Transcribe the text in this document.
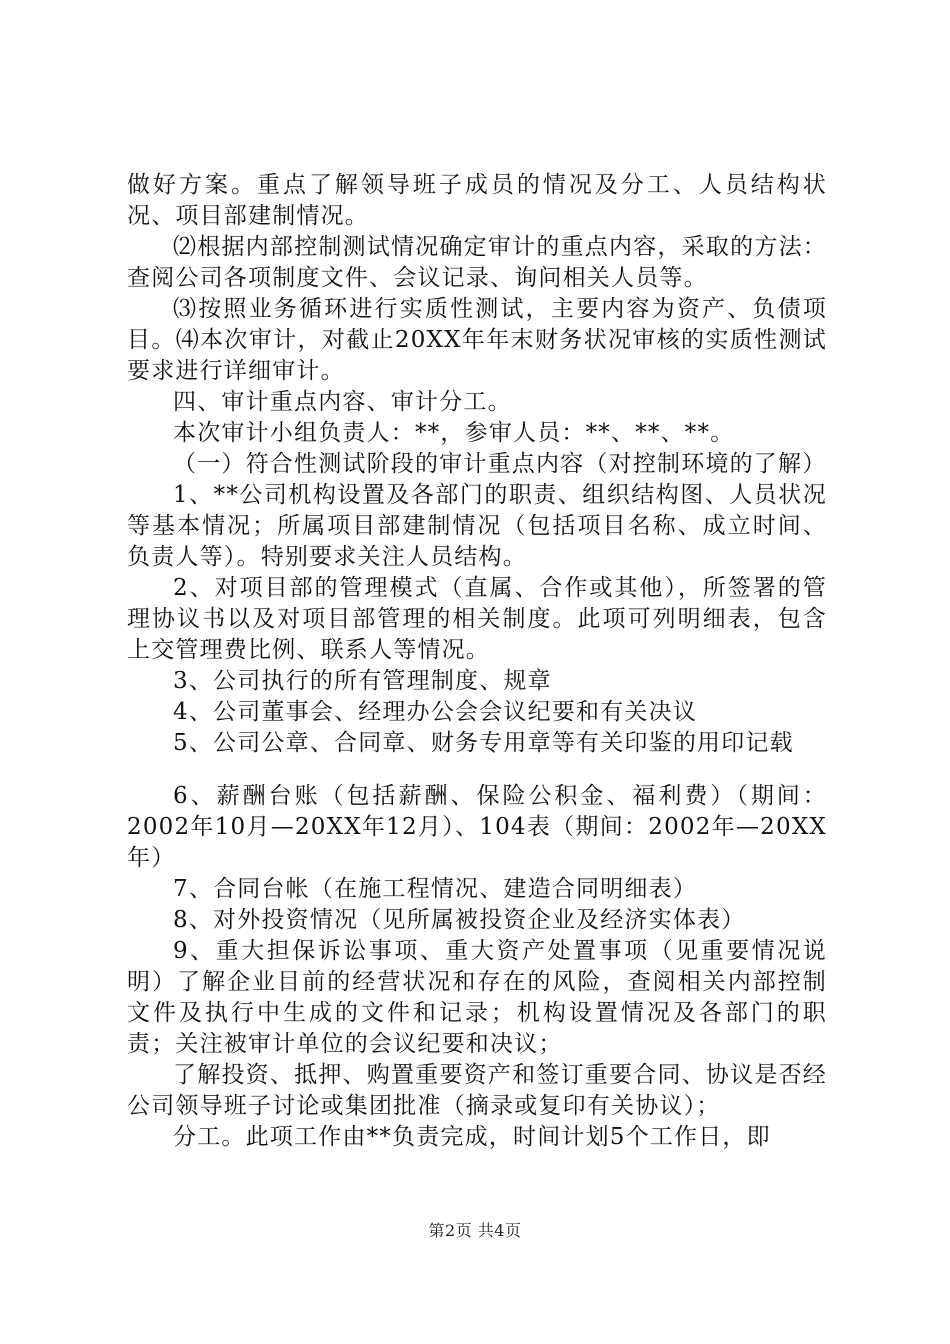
做好方案。重点了解领导班子成员的情况及分工、人员结构状况、项目部建制情况。

⑵根据内部控制测试情况确定审计的重点内容，采取的方法：查阅公司各项制度文件、会议记录、询问相关人员等。

⑶按照业务循环进行实质性测试，主要内容为资产、负债项目。⑷本次审计，对截止20XX年年末财务状况审核的实质性测试要求进行详细审计。

四、审计重点内容、审计分工。

本次审计小组负责人：**，参审人员：**、**、**。

（一）符合性测试阶段的审计重点内容（对控制环境的了解）

1、**公司机构设置及各部门的职责、组织结构图、人员状况等基本情况；所属项目部建制情况（包括项目名称、成立时间、负责人等）。特别要求关注人员结构。

2、对项目部的管理模式（直属、合作或其他），所签署的管理协议书以及对项目部管理的相关制度。此项可列明细表，包含上交管理费比例、联系人等情况。

3、公司执行的所有管理制度、规章

4、公司董事会、经理办公会会议纪要和有关决议

5、公司公章、合同章、财务专用章等有关印鉴的用印记载

6、薪酬台账（包括薪酬、保险公积金、福利费）（期间：2002年10月—20XX年12月）、104表（期间：2002年—20XX年）

7、合同台帐（在施工程情况、建造合同明细表）

8、对外投资情况（见所属被投资企业及经济实体表）

9、重大担保诉讼事项、重大资产处置事项（见重要情况说明）了解企业目前的经营状况和存在的风险，查阅相关内部控制文件及执行中生成的文件和记录；机构设置情况及各部门的职责；关注被审计单位的会议纪要和决议；

了解投资、抵押、购置重要资产和签订重要合同、协议是否经公司领导班子讨论或集团批准（摘录或复印有关协议）；

分工。此项工作由**负责完成，时间计划5个工作日，即

第2页 共4页
